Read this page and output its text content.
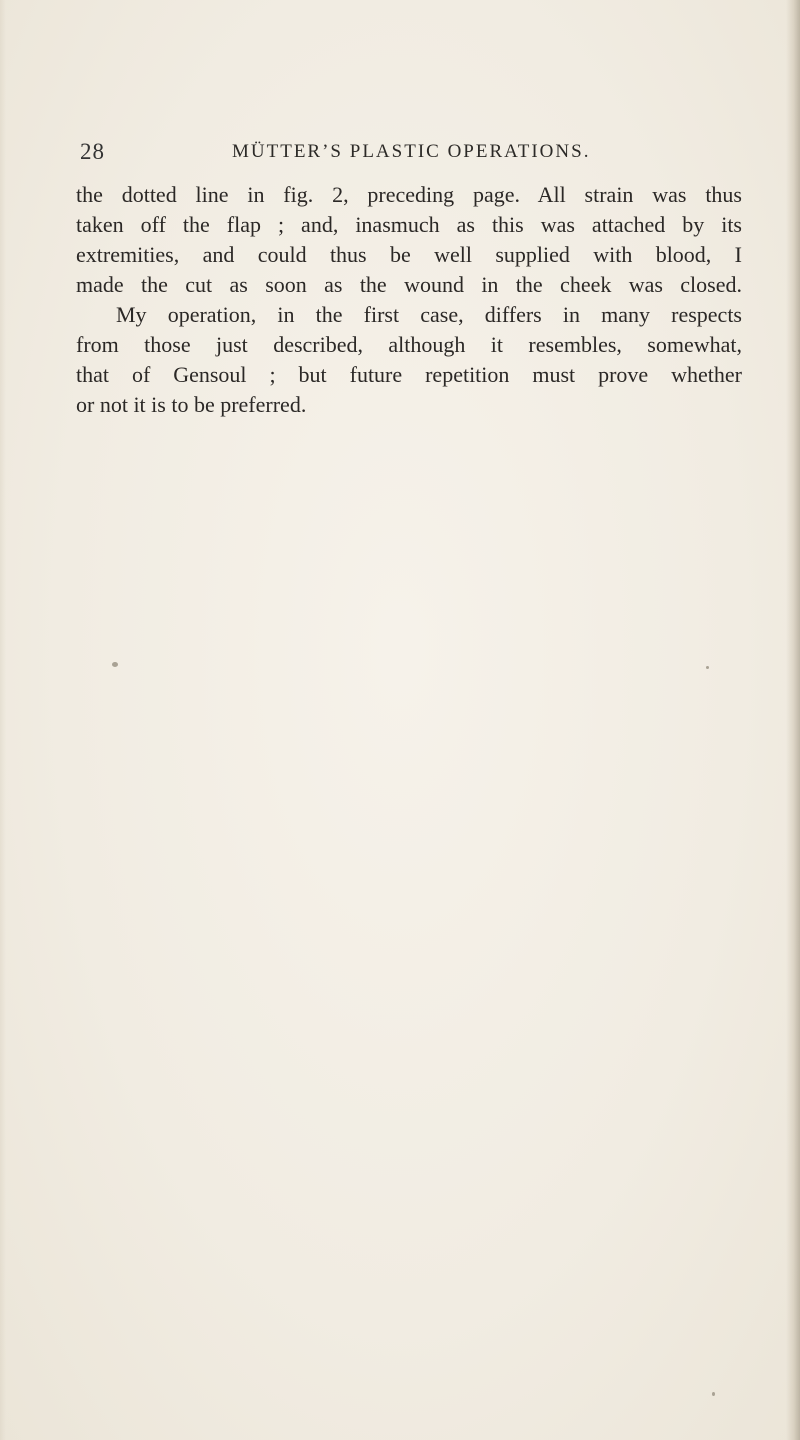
28	MÜTTER’S PLASTIC OPERATIONS.
the dotted line in fig. 2, preceding page. All strain was thus
taken off the flap ; and, inasmuch as this was attached by its
extremities, and could thus be well supplied with blood, I
made the cut as soon as the wound in the cheek was closed.
My operation, in the first case, differs in many respects
from those just described, although it resembles, somewhat,
that of Gensoul ; but future repetition must prove whether
or not it is to be preferred.
